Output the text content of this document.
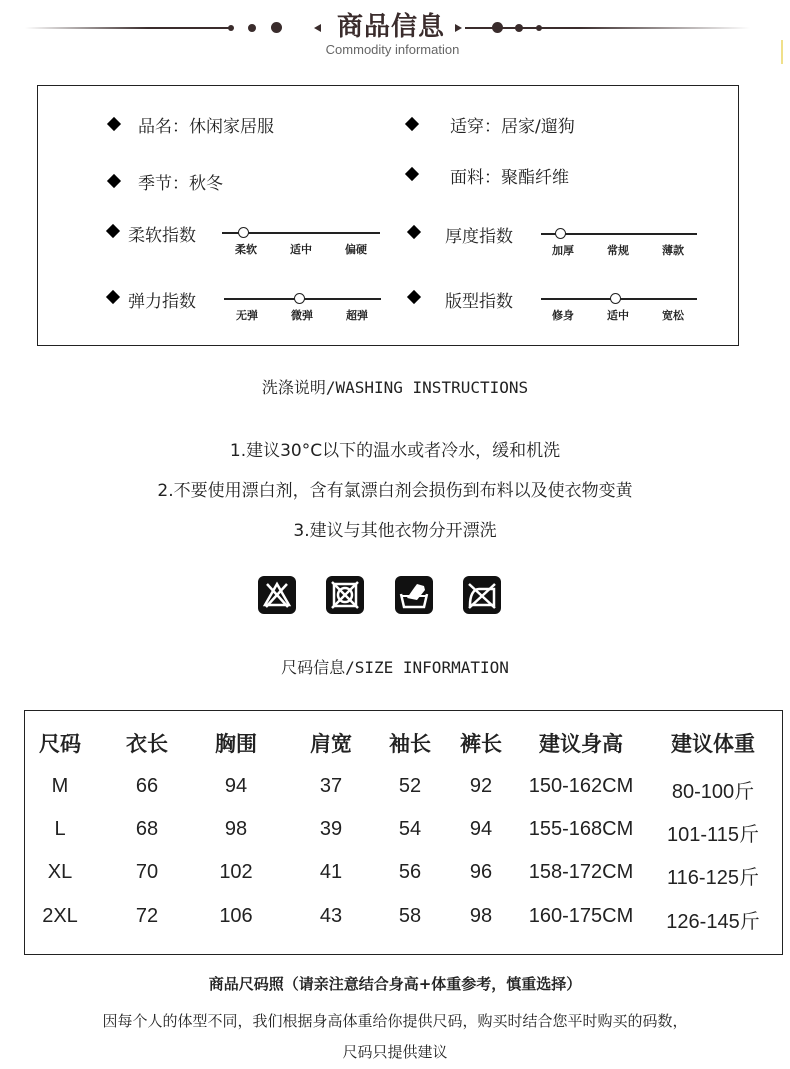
商品信息
Commodity information
品名：休闲家居服	适穿：居家/遛狗
季节：秋冬	面料：聚酯纤维
柔软指数
柔软	适中	偏硬
厚度指数
加厚	常规	薄款
弹力指数
无弹	微弹	超弹
版型指数
修身	适中	宽松
洗涤说明/WASHING INSTRUCTIONS
1.建议30°C以下的温水或者冷水，缓和机洗
2.不要使用漂白剂，含有氯漂白剂会损伤到布料以及使衣物变黄
3.建议与其他衣物分开漂洗
尺码信息/SIZE INFORMATION
尺码	衣长	胸围	肩宽	袖长	裤长	建议身高	建议体重
M	66	94	37	52	92	150-162CM	80-100斤
L	68	98	39	54	94	155-168CM	101-115斤
XL	70	102	41	56	96	158-172CM	116-125斤
2XL	72	106	43	58	98	160-175CM	126-145斤
商品尺码照（请亲注意结合身高+体重参考，慎重选择）
因每个人的体型不同，我们根据身高体重给你提供尺码，购买时结合您平时购买的码数，
尺码只提供建议
